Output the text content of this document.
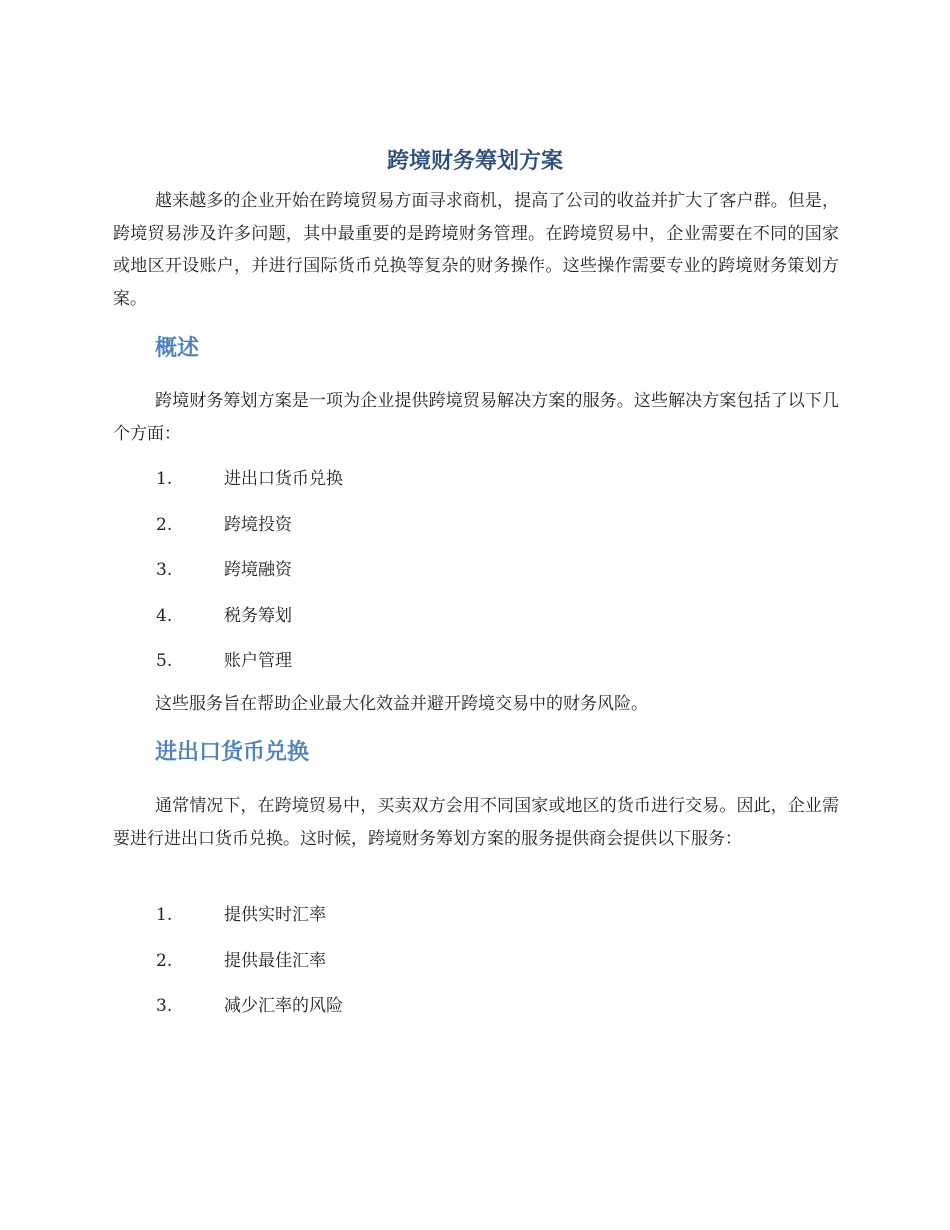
跨境财务筹划方案

越来越多的企业开始在跨境贸易方面寻求商机，提高了公司的收益并扩大了客户群。但是，跨境贸易涉及许多问题，其中最重要的是跨境财务管理。在跨境贸易中，企业需要在不同的国家或地区开设账户，并进行国际货币兑换等复杂的财务操作。这些操作需要专业的跨境财务策划方案。

概述

跨境财务筹划方案是一项为企业提供跨境贸易解决方案的服务。这些解决方案包括了以下几个方面：

1.	进出口货币兑换
2.	跨境投资
3.	跨境融资
4.	税务筹划
5.	账户管理

这些服务旨在帮助企业最大化效益并避开跨境交易中的财务风险。

进出口货币兑换

通常情况下，在跨境贸易中，买卖双方会用不同国家或地区的货币进行交易。因此，企业需要进行进出口货币兑换。这时候，跨境财务筹划方案的服务提供商会提供以下服务：

1.	提供实时汇率
2.	提供最佳汇率
3.	减少汇率的风险
